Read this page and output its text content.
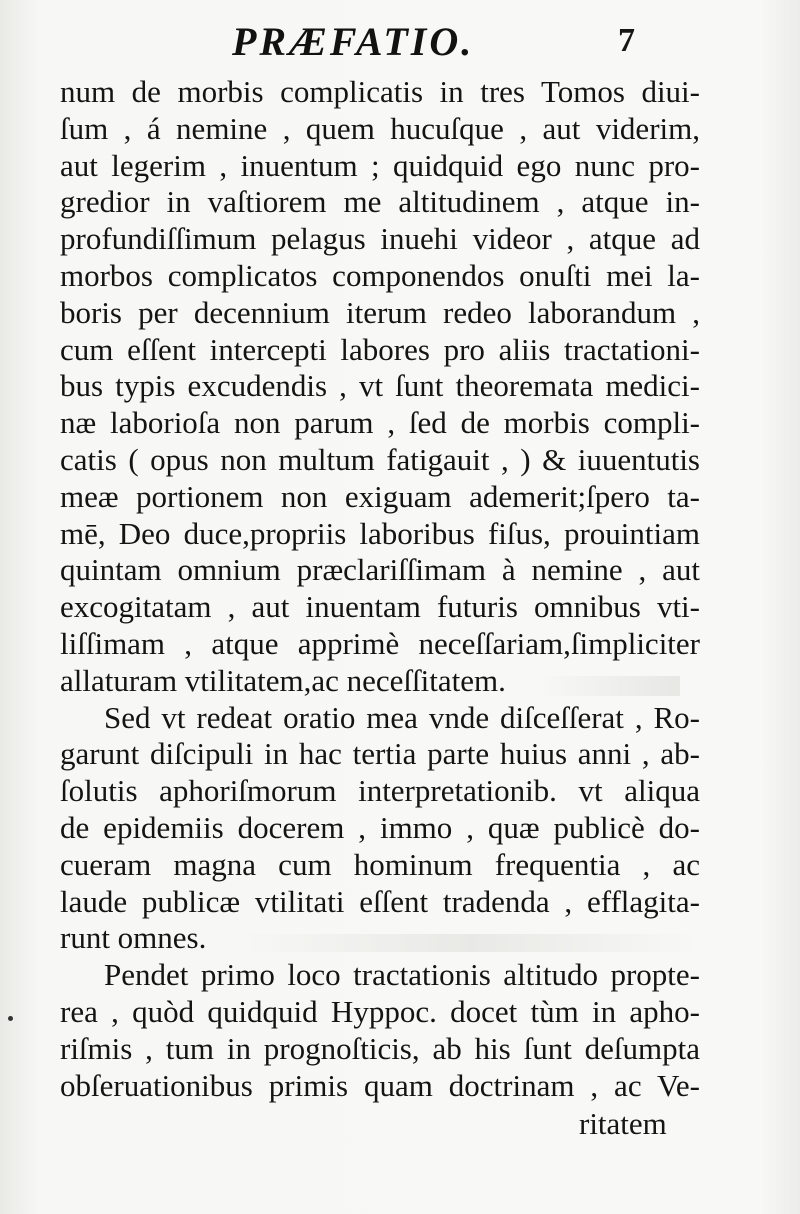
PRÆFATIO.	7
num de morbis complicatis in tres Tomos diui-
ſum , á nemine , quem hucuſque , aut viderim,
aut legerim , inuentum ; quidquid ego nunc pro-
gredior in vaſtiorem me altitudinem , atque in-
profundiſſimum pelagus inuehi videor , atque ad
morbos complicatos componendos onuſti mei la-
boris per decennium iterum redeo laborandum ,
cum eſſent intercepti labores pro aliis tractationi-
bus typis excudendis , vt ſunt theoremata medici-
næ laborioſa non parum , ſed de morbis compli-
catis ( opus non multum fatigauit , ) & iuuentutis
meæ portionem non exiguam ademerit;ſpero ta-
mē, Deo duce,propriis laboribus fiſus, prouintiam
quintam omnium præclariſſimam à nemine , aut
excogitatam , aut inuentam futuris omnibus vti-
liſſimam , atque apprimè neceſſariam,ſimpliciter
allaturam vtilitatem,ac neceſſitatem.
Sed vt redeat oratio mea vnde diſceſſerat , Ro-
garunt diſcipuli in hac tertia parte huius anni , ab-
ſolutis aphoriſmorum interpretationib. vt aliqua
de epidemiis docerem , immo , quæ publicè do-
cueram magna cum hominum frequentia , ac
laude publicæ vtilitati eſſent tradenda , efflagita-
runt omnes.
Pendet primo loco tractationis altitudo propte-
rea , quòd quidquid Hyppoc. docet tùm in apho-
riſmis , tum in prognoſticis, ab his ſunt deſumpta
obſeruationibus primis quam doctrinam , ac Ve-
ritatem
